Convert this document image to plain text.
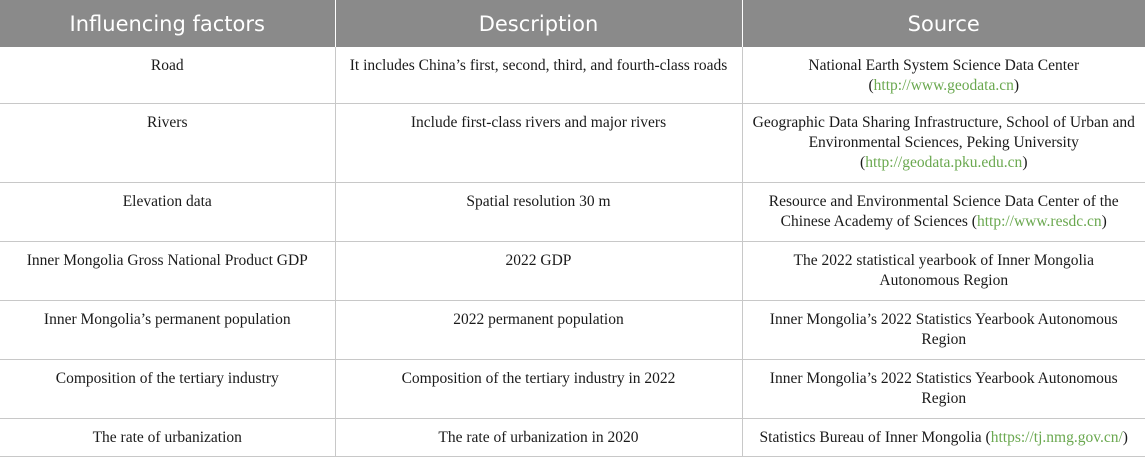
Influencing factors	Description	Source
Road	It includes China’s first, second, third, and fourth-class roads	National Earth System Science Data Center (http://www.geodata.cn)
Rivers	Include first-class rivers and major rivers	Geographic Data Sharing Infrastructure, School of Urban and Environmental Sciences, Peking University (http://geodata.pku.edu.cn)
Elevation data	Spatial resolution 30 m	Resource and Environmental Science Data Center of the Chinese Academy of Sciences (http://www.resdc.cn)
Inner Mongolia Gross National Product GDP	2022 GDP	The 2022 statistical yearbook of Inner Mongolia Autonomous Region
Inner Mongolia’s permanent population	2022 permanent population	Inner Mongolia’s 2022 Statistics Yearbook Autonomous Region
Composition of the tertiary industry	Composition of the tertiary industry in 2022	Inner Mongolia’s 2022 Statistics Yearbook Autonomous Region
The rate of urbanization	The rate of urbanization in 2020	Statistics Bureau of Inner Mongolia (https://tj.nmg.gov.cn/)
